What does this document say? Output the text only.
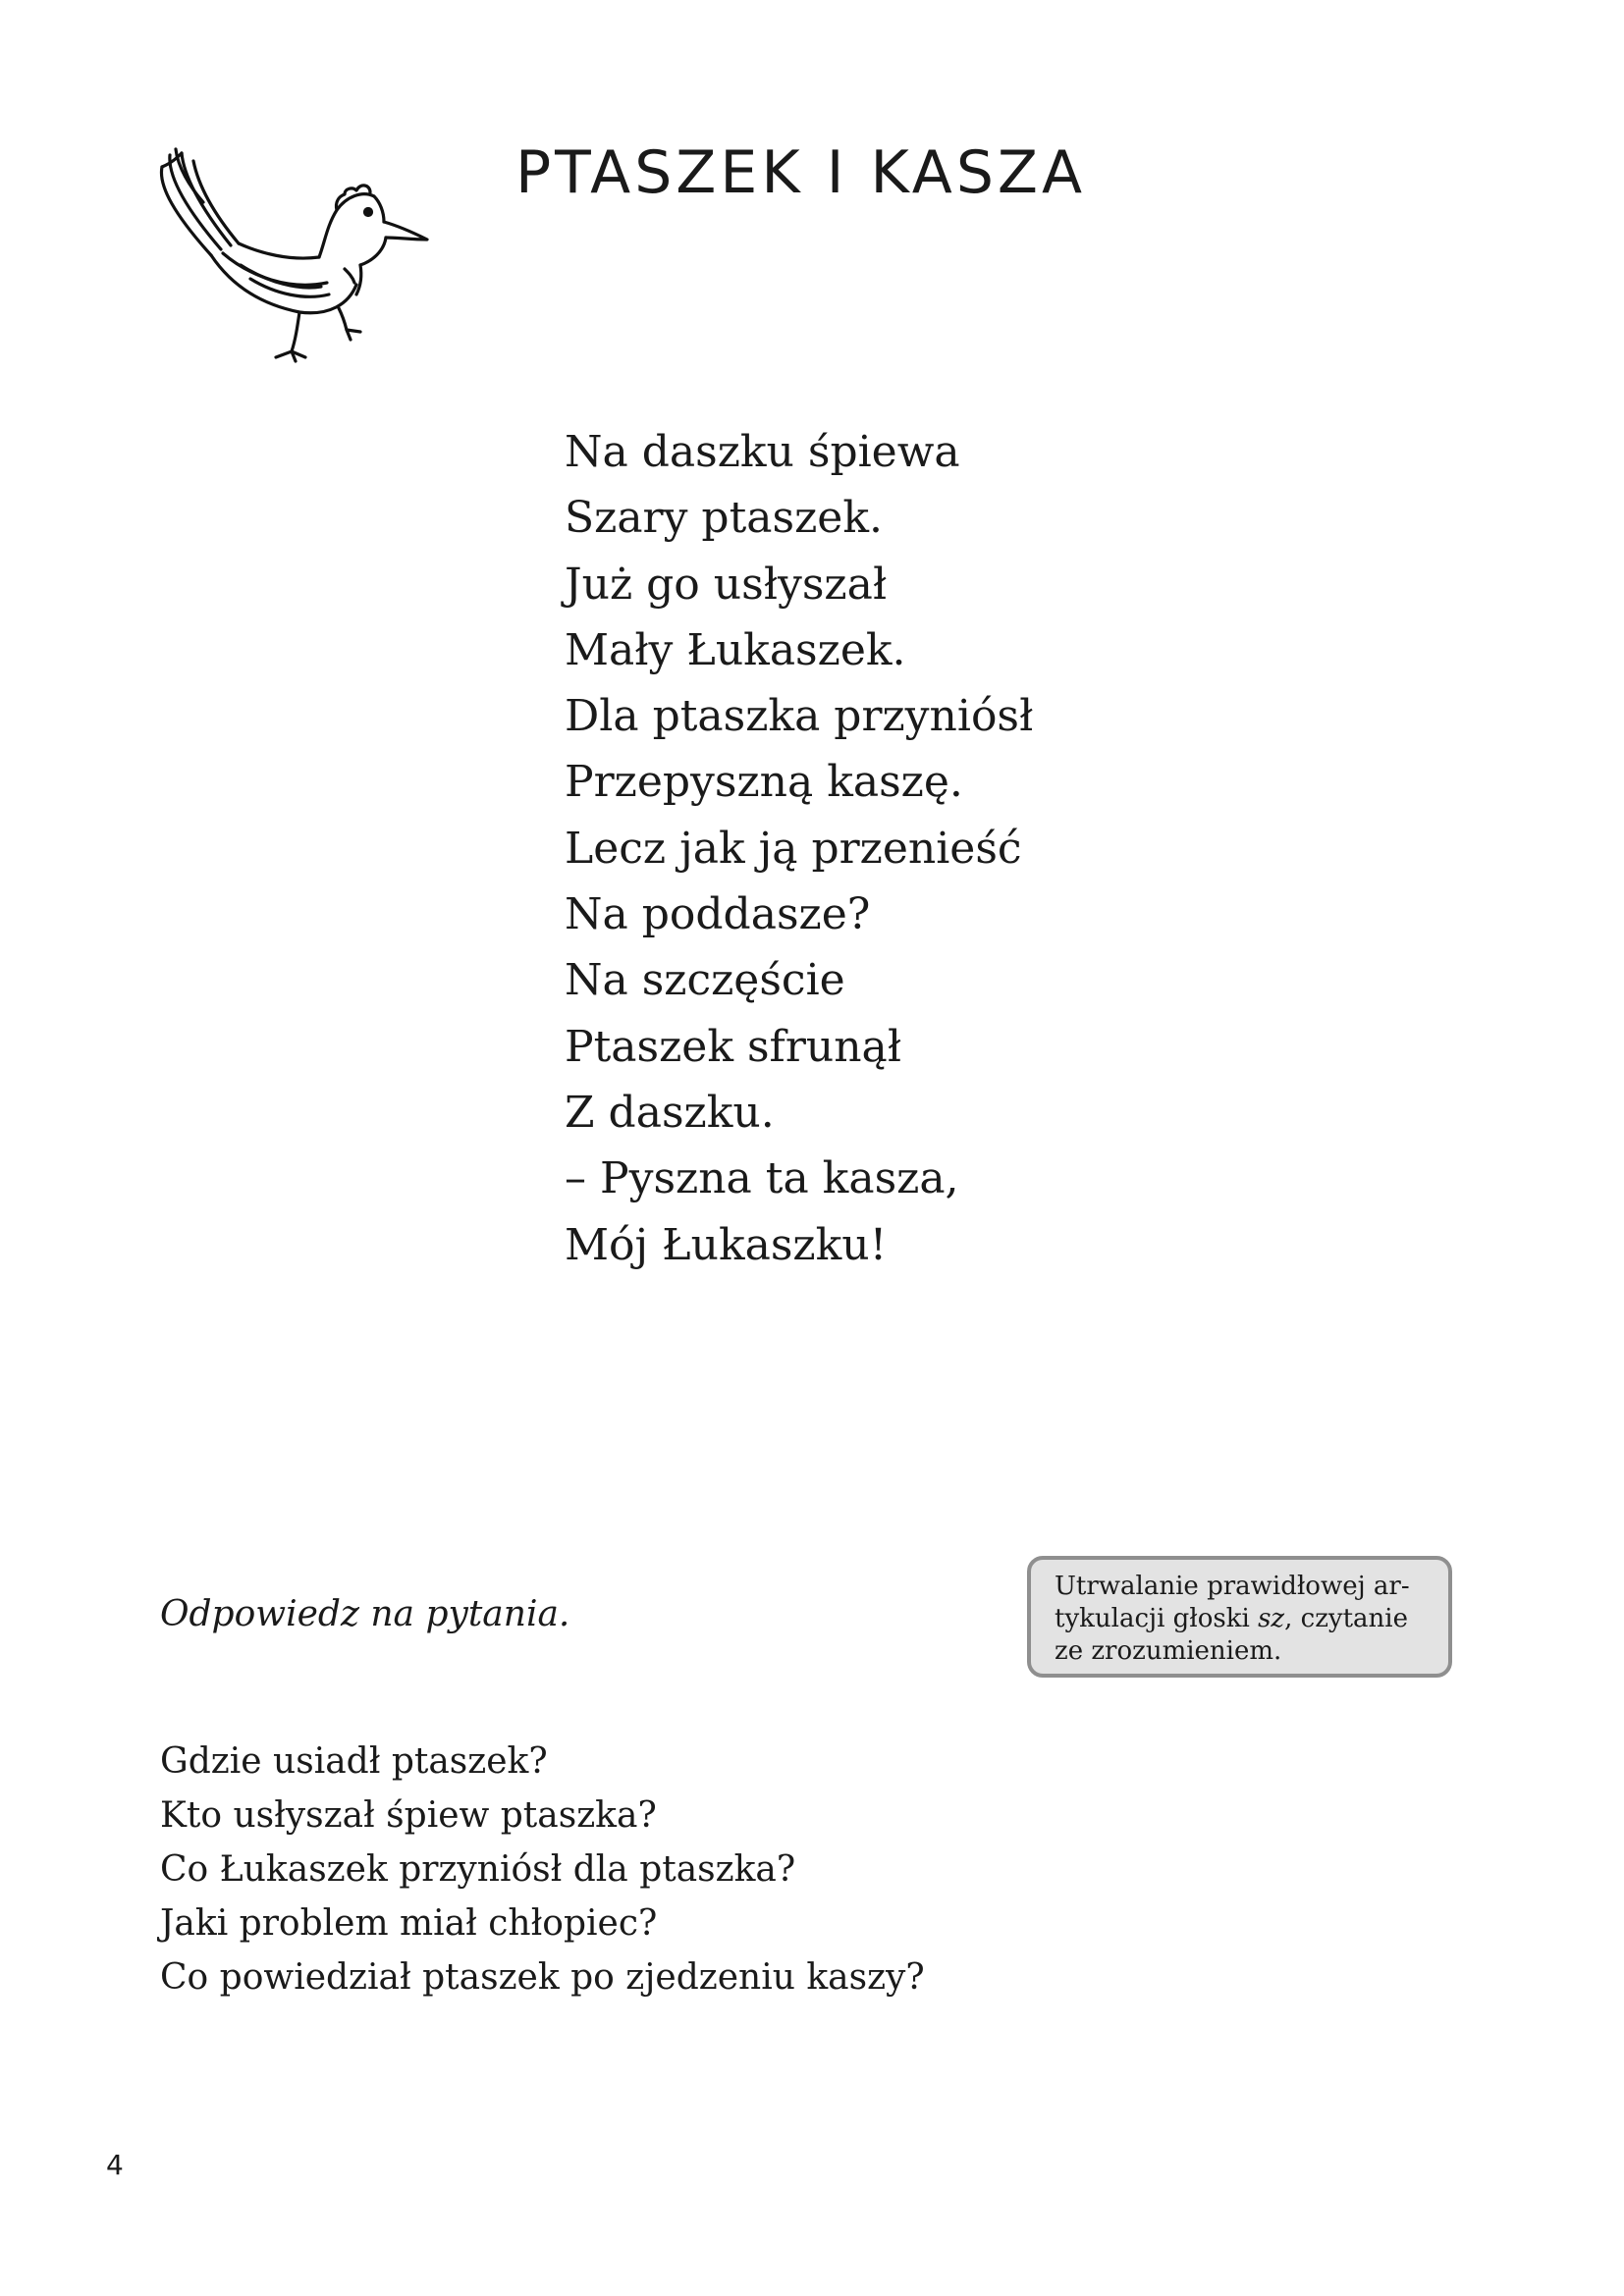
PTASZEK I KASZA
Na daszku śpiewa
Szary ptaszek.
Już go usłyszał
Mały Łukaszek.
Dla ptaszka przyniósł
Przepyszną kaszę.
Lecz jak ją przenieść
Na poddasze?
Na szczęście
Ptaszek sfrunął
Z daszku.
– Pyszna ta kasza,
Mój Łukaszku!

Odpowiedz na pytania.

Utrwalanie prawidłowej ar-
tykulacji głoski sz, czytanie
ze zrozumieniem.
Gdzie usiadł ptaszek?
Kto usłyszał śpiew ptaszka?
Co Łukaszek przyniósł dla ptaszka?
Jaki problem miał chłopiec?
Co powiedział ptaszek po zjedzeniu kaszy?
4
